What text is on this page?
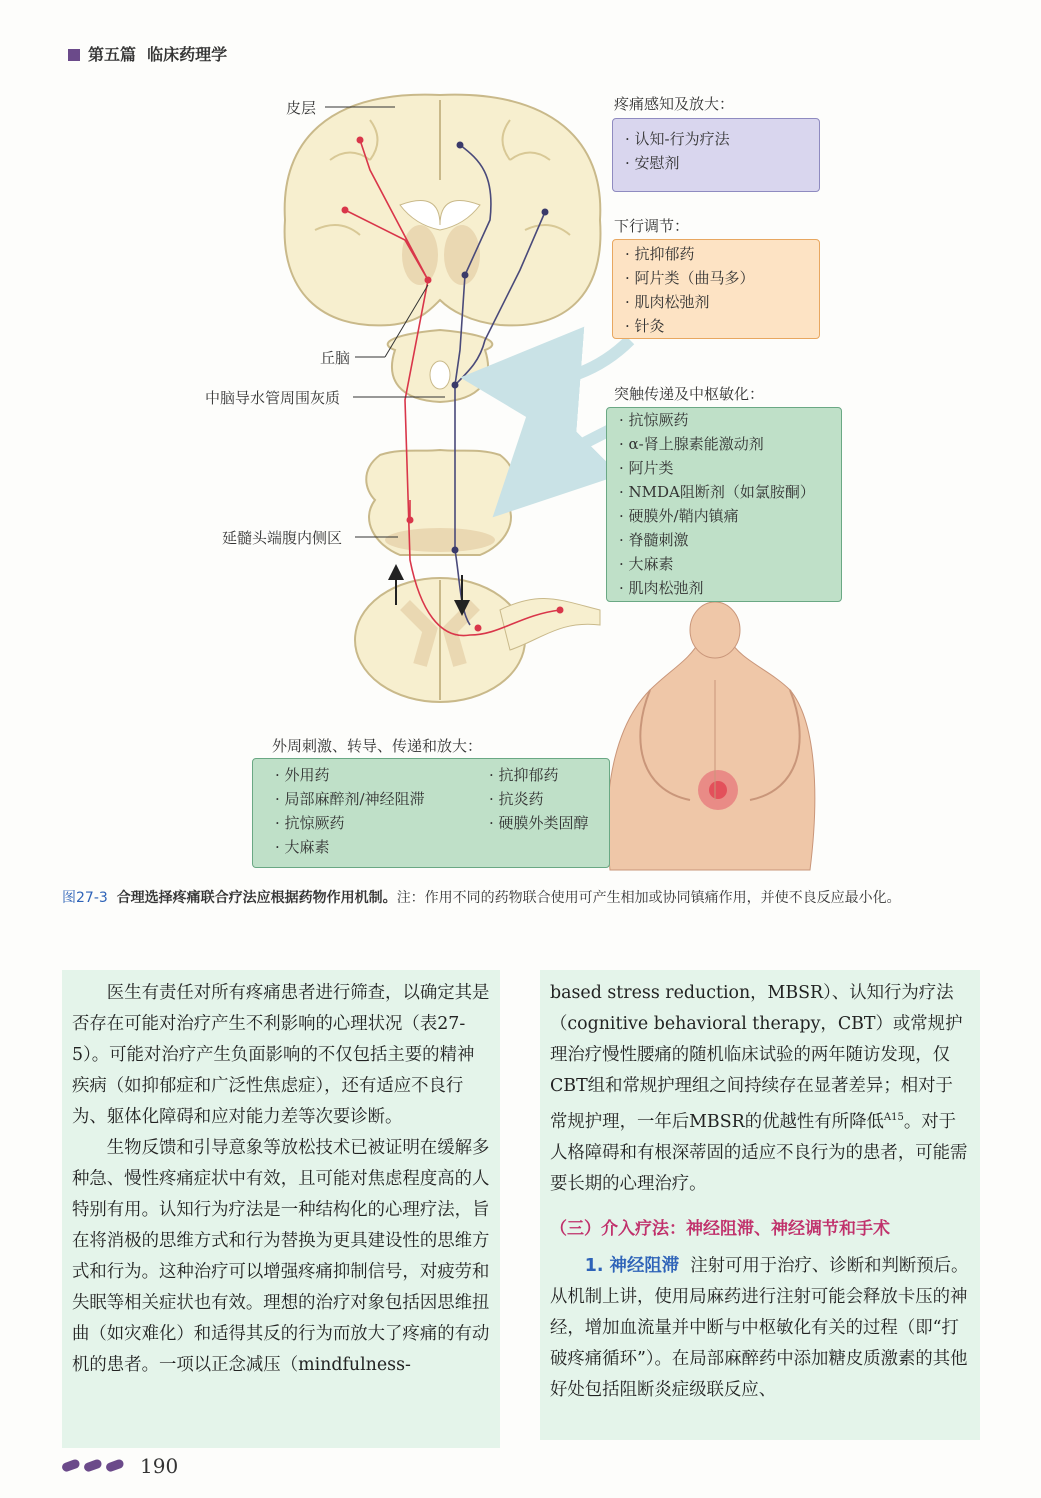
第五篇 临床药理学
皮层
丘脑
中脑导水管周围灰质
延髓头端腹内侧区
疼痛感知及放大：
· 认知-行为疗法
· 安慰剂
下行调节：
· 抗抑郁药
· 阿片类（曲马多）
· 肌肉松弛剂
· 针灸
突触传递及中枢敏化：
· 抗惊厥药
· α-肾上腺素能激动剂
· 阿片类
· NMDA阻断剂（如氯胺酮）
· 硬膜外/鞘内镇痛
· 脊髓刺激
· 大麻素
· 肌肉松弛剂
外周刺激、转导、传递和放大：
· 外用药
· 局部麻醉剂/神经阻滞
· 抗惊厥药
· 大麻素
· 抗抑郁药
· 抗炎药
· 硬膜外类固醇
图27-3 合理选择疼痛联合疗法应根据药物作用机制。注：作用不同的药物联合使用可产生相加或协同镇痛作用，并使不良反应最小化。

医生有责任对所有疼痛患者进行筛查，以确定其是否存在可能对治疗产生不利影响的心理状况（表27-5）。可能对治疗产生负面影响的不仅包括主要的精神疾病（如抑郁症和广泛性焦虑症），还有适应不良行为、躯体化障碍和应对能力差等次要诊断。

生物反馈和引导意象等放松技术已被证明在缓解多种急、慢性疼痛症状中有效，且可能对焦虑程度高的人特别有用。认知行为疗法是一种结构化的心理疗法，旨在将消极的思维方式和行为替换为更具建设性的思维方式和行为。这种治疗可以增强疼痛抑制信号，对疲劳和失眠等相关症状也有效。理想的治疗对象包括因思维扭曲（如灾难化）和适得其反的行为而放大了疼痛的有动机的患者。一项以正念减压（mindfulness-

based stress reduction，MBSR）、认知行为疗法（cognitive behavioral therapy，CBT）或常规护理治疗慢性腰痛的随机临床试验的两年随访发现，仅CBT组和常规护理组之间持续存在显著差异；相对于常规护理，一年后MBSR的优越性有所降低$^{A15}$。对于人格障碍和有根深蒂固的适应不良行为的患者，可能需要长期的心理治疗。

（三）介入疗法：神经阻滞、神经调节和手术

1. 神经阻滞 注射可用于治疗、诊断和判断预后。从机制上讲，使用局麻药进行注射可能会释放卡压的神经，增加血流量并中断与中枢敏化有关的过程（即“打破疼痛循环”）。在局部麻醉药中添加糖皮质激素的其他好处包括阻断炎症级联反应、

190
